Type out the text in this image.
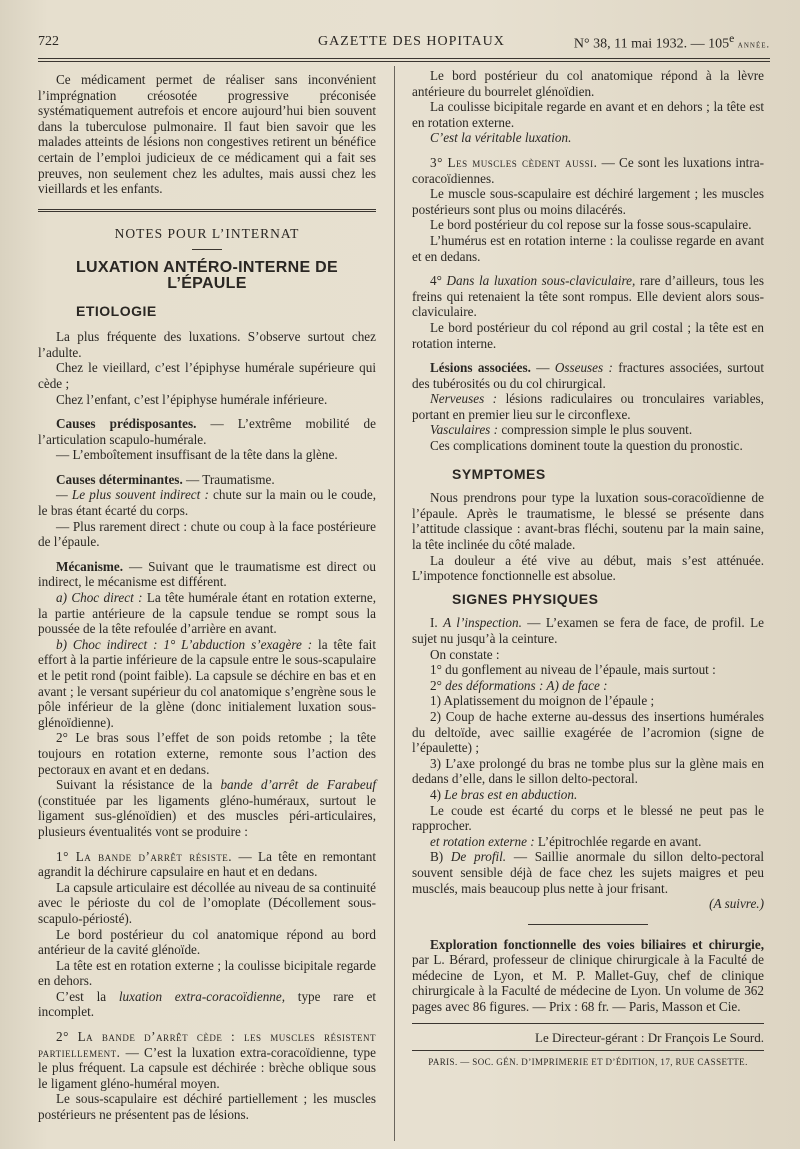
722	GAZETTE DES HOPITAUX	N° 38, 11 mai 1932. — 105e année.

Ce médicament permet de réaliser sans inconvénient l’imprégnation créosotée progressive préconisée systématiquement autrefois et encore aujourd’hui bien souvent dans la tuberculose pulmonaire. Il faut bien savoir que les malades atteints de lésions non congestives retirent un bénéfice certain de l’emploi judicieux de ce médicament qui a fait ses preuves, non seulement chez les adultes, mais aussi chez les vieillards et les enfants.

NOTES POUR L’INTERNAT

LUXATION ANTÉRO-INTERNE DE L’ÉPAULE

ETIOLOGIE

La plus fréquente des luxations. S’observe surtout chez l’adulte.

Chez le vieillard, c’est l’épiphyse humérale supérieure qui cède ;

Chez l’enfant, c’est l’épiphyse humérale inférieure.

Causes prédisposantes. — L’extrême mobilité de l’articulation scapulo-humérale.

— L’emboîtement insuffisant de la tête dans la glène.

Causes déterminantes. — Traumatisme.

— Le plus souvent indirect : chute sur la main ou le coude, le bras étant écarté du corps.

— Plus rarement direct : chute ou coup à la face postérieure de l’épaule.

Mécanisme. — Suivant que le traumatisme est direct ou indirect, le mécanisme est différent.

a) Choc direct : La tête humérale étant en rotation externe, la partie antérieure de la capsule tendue se rompt sous la poussée de la tête refoulée d’arrière en avant.

b) Choc indirect : 1° L’abduction s’exagère : la tête fait effort à la partie inférieure de la capsule entre le sous-scapulaire et le petit rond (point faible). La capsule se déchire en bas et en avant ; le versant supérieur du col anatomique s’engrène sous le pôle inférieur de la glène (donc initialement luxation sous-glénoïdienne).

2° Le bras sous l’effet de son poids retombe ; la tête toujours en rotation externe, remonte sous l’action des pectoraux en avant et en dedans.

Suivant la résistance de la bande d’arrêt de Farabeuf (constituée par les ligaments gléno-huméraux, surtout le ligament sus-glénoïdien) et des muscles péri-articulaires, plusieurs éventualités vont se produire :

1° La bande d’arrêt résiste. — La tête en remontant agrandit la déchirure capsulaire en haut et en dedans.

La capsule articulaire est décollée au niveau de sa continuité avec le périoste du col de l’omoplate (Décollement sous-scapulo-périosté).

Le bord postérieur du col anatomique répond au bord antérieur de la cavité glénoïde.

La tête est en rotation externe ; la coulisse bicipitale regarde en dehors.

C’est la luxation extra-coracoïdienne, type rare et incomplet.

2° La bande d’arrêt cède : les muscles résistent partiellement. — C’est la luxation extra-coracoïdienne, type le plus fréquent. La capsule est déchirée : brèche oblique sous le ligament gléno-huméral moyen.

Le sous-scapulaire est déchiré partiellement ; les muscles postérieurs ne présentent pas de lésions.

Le bord postérieur du col anatomique répond à la lèvre antérieure du bourrelet glénoïdien.

La coulisse bicipitale regarde en avant et en dehors ; la tête est en rotation externe.

C’est la véritable luxation.

3° Les muscles cèdent aussi. — Ce sont les luxations intra-coracoïdiennes.

Le muscle sous-scapulaire est déchiré largement ; les muscles postérieurs sont plus ou moins dilacérés.

Le bord postérieur du col repose sur la fosse sous-scapulaire.

L’humérus est en rotation interne : la coulisse regarde en avant et en dedans.

4° Dans la luxation sous-claviculaire, rare d’ailleurs, tous les freins qui retenaient la tête sont rompus. Elle devient alors sous-claviculaire.

Le bord postérieur du col répond au gril costal ; la tête est en rotation interne.

Lésions associées. — Osseuses : fractures associées, surtout des tubérosités ou du col chirurgical.

Nerveuses : lésions radiculaires ou tronculaires variables, portant en premier lieu sur le circonflexe.

Vasculaires : compression simple le plus souvent.

Ces complications dominent toute la question du pronostic.

SYMPTOMES

Nous prendrons pour type la luxation sous-coracoïdienne de l’épaule. Après le traumatisme, le blessé se présente dans l’attitude classique : avant-bras fléchi, soutenu par la main saine, la tête inclinée du côté malade.

La douleur a été vive au début, mais s’est atténuée. L’impotence fonctionnelle est absolue.

SIGNES PHYSIQUES

I. A l’inspection. — L’examen se fera de face, de profil. Le sujet nu jusqu’à la ceinture.

On constate :

1° du gonflement au niveau de l’épaule, mais surtout :

2° des déformations : A) de face :

1) Aplatissement du moignon de l’épaule ;

2) Coup de hache externe au-dessus des insertions humérales du deltoïde, avec saillie exagérée de l’acromion (signe de l’épaulette) ;

3) L’axe prolongé du bras ne tombe plus sur la glène mais en dedans d’elle, dans le sillon delto-pectoral.

4) Le bras est en abduction.

Le coude est écarté du corps et le blessé ne peut pas le rapprocher.

et rotation externe : L’épitrochlée regarde en avant.

B) De profil. — Saillie anormale du sillon delto-pectoral souvent sensible déjà de face chez les sujets maigres et peu musclés, mais beaucoup plus nette à jour frisant.

(A suivre.)

Exploration fonctionnelle des voies biliaires et chirurgie, par L. Bérard, professeur de clinique chirurgicale à la Faculté de médecine de Lyon, et M. P. Mallet-Guy, chef de clinique chirurgicale à la Faculté de médecine de Lyon. Un volume de 362 pages avec 86 figures. — Prix : 68 fr. — Paris, Masson et Cie.

Le Directeur-gérant : Dr François Le Sourd.

PARIS. — SOC. GÉN. D’IMPRIMERIE ET D’ÉDITION, 17, RUE CASSETTE.
